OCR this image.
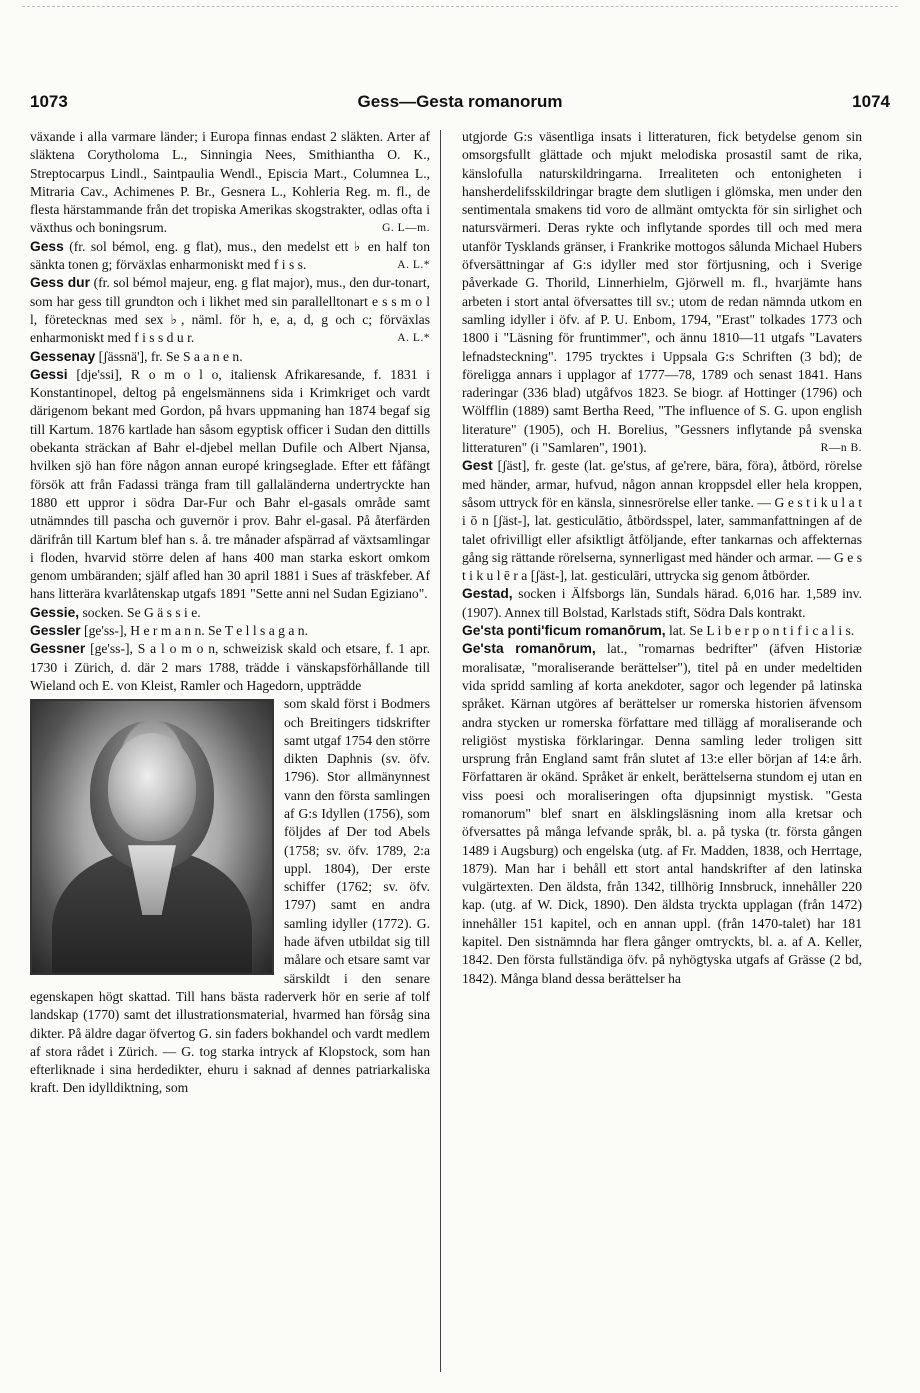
1073	Gess—Gesta romanorum	1074

växande i alla varmare länder; i Europa finnas endast 2 släkten. Arter af släktena Corytholoma L., Sinningia Nees, Smithiantha O. K., Streptocarpus Lindl., Saintpaulia Wendl., Episcia Mart., Columnea L., Mitraria Cav., Achimenes P. Br., Gesnera L., Kohleria Reg. m. fl., de flesta härstammande från det tropiska Amerikas skogstrakter, odlas ofta i växthus och boningsrum.	G. L—m.

Gess (fr. sol bémol, eng. g flat), mus., den medelst ett ♭ en half ton sänkta tonen g; förväxlas enharmoniskt med f i s s.	A. L.*

Gess dur (fr. sol bémol majeur, eng. g flat major), mus., den dur-tonart, som har gess till grundton och i likhet med sin parallelltonart e s s m o l l, företecknas med sex ♭, näml. för h, e, a, d, g och c; förväxlas enharmoniskt med f i s s d u r.	A. L.*

Gessenay [ʃässnä'], fr. Se S a a n e n.

Gessi [dje'ssi], R o m o l o, italiensk Afrikaresande, f. 1831 i Konstantinopel, deltog på engelsmännens sida i Krimkriget och vardt därigenom bekant med Gordon, på hvars uppmaning han 1874 begaf sig till Kartum. 1876 kartlade han såsom egyptisk officer i Sudan den dittills obekanta sträckan af Bahr el-djebel mellan Dufile och Albert Njansa, hvilken sjö han före någon annan europé kringseglade. Efter ett fåfängt försök att från Fadassi tränga fram till gallaländerna undertryckte han 1880 ett uppror i södra Dar-Fur och Bahr el-gasals område samt utnämndes till pascha och guvernör i prov. Bahr el-gasal. På återfärden därifrån till Kartum blef han s. å. tre månader afspärrad af växtsamlingar i floden, hvarvid större delen af hans 400 man starka eskort omkom genom umbäranden; själf afled han 30 april 1881 i Sues af träskfeber. Af hans litterära kvarlåtenskap utgafs 1891 "Sette anni nel Sudan Egiziano".

Gessie, socken. Se G ä s s i e.

Gessler [ge'ss-], H e r m a n n. Se T e l l s a g a n.

Gessner [ge'ss-], S a l o m o n, schweizisk skald och etsare, f. 1 apr. 1730 i Zürich, d. där 2 mars 1788, trädde i vänskapsförhållande till Wieland och E. von Kleist, Ramler och Hagedorn, uppträdde

som skald först i Bodmers och Breitingers tidskrifter samt utgaf 1754 den större dikten Daphnis (sv. öfv. 1796). Stor allmänynnest vann den första samlingen af G:s Idyllen (1756), som följdes af Der tod Abels (1758; sv. öfv. 1789, 2:a uppl. 1804), Der erste schiffer (1762; sv. öfv. 1797) samt en andra samling idyller (1772). G. hade äfven utbildat sig till målare och etsare samt var särskildt i den senare egenskapen högt skattad. Till hans bästa raderverk hör en serie af tolf landskap (1770) samt det illustrationsmaterial, hvarmed han försåg sina dikter. På äldre dagar öfvertog G. sin faders bokhandel och vardt medlem af stora rådet i Zürich. — G. tog starka intryck af Klopstock, som han efterliknade i sina herdedikter, ehuru i saknad af dennes patriarkaliska kraft. Den idylldiktning, som

utgjorde G:s väsentliga insats i litteraturen, fick betydelse genom sin omsorgsfullt glättade och mjukt melodiska prosastil samt de rika, känslofulla naturskildringarna. Irrealiteten och entonigheten i hansherdelifsskildringar bragte dem slutligen i glömska, men under den sentimentala smakens tid voro de allmänt omtyckta för sin sirlighet och natursvärmeri. Deras rykte och inflytande spordes till och med mera utanför Tysklands gränser, i Frankrike mottogos sålunda Michael Hubers öfversättningar af G:s idyller med stor förtjusning, och i Sverige påverkade G. Thorild, Linnerhielm, Gjörwell m. fl., hvarjämte hans arbeten i stort antal öfversattes till sv.; utom de redan nämnda utkom en samling idyller i öfv. af P. U. Enbom, 1794, "Erast" tolkades 1773 och 1800 i "Läsning för fruntimmer", och ännu 1810—11 utgafs "Lavaters lefnadsteckning". 1795 trycktes i Uppsala G:s Schriften (3 bd); de föreligga annars i upplagor af 1777—78, 1789 och senast 1841. Hans raderingar (336 blad) utgåfvos 1823. Se biogr. af Hottinger (1796) och Wölfflin (1889) samt Bertha Reed, "The influence of S. G. upon english literature" (1905), och H. Borelius, "Gessners inflytande på svenska litteraturen" (i "Samlaren", 1901).	R—n B.

Gest [ʃäst], fr. geste (lat. ge'stus, af ge'rere, bära, föra), åtbörd, rörelse med händer, armar, hufvud, någon annan kroppsdel eller hela kroppen, såsom uttryck för en känsla, sinnesrörelse eller tanke. — G e s t i k u l a t i ō n [ʃäst-], lat. gesticulātio, åtbördsspel, later, sammanfattningen af de talet ofrivilligt eller afsiktligt åtföljande, efter tankarnas och affekternas gång sig rättande rörelserna, synnerligast med händer och armar. — G e s t i k u l ē r a [ʃäst-], lat. gesticulāri, uttrycka sig genom åtbörder.

Gestad, socken i Älfsborgs län, Sundals härad. 6,016 har. 1,589 inv. (1907). Annex till Bolstad, Karlstads stift, Södra Dals kontrakt.

Ge'sta ponti'ficum romanōrum, lat. Se L i b e r p o n t i f i c a l i s.

Ge'sta romanōrum, lat., "romarnas bedrifter" (äfven Historiæ moralisatæ, "moraliserande berättelser"), titel på en under medeltiden vida spridd samling af korta anekdoter, sagor och legender på latinska språket. Kärnan utgöres af berättelser ur romerska historien äfvensom andra stycken ur romerska författare med tillägg af moraliserande och religiöst mystiska förklaringar. Denna samling leder troligen sitt ursprung från England samt från slutet af 13:e eller början af 14:e årh. Författaren är okänd. Språket är enkelt, berättelserna stundom ej utan en viss poesi och moraliseringen ofta djupsinnigt mystisk. "Gesta romanorum" blef snart en älsklingsläsning inom alla kretsar och öfversattes på många lefvande språk, bl. a. på tyska (tr. första gången 1489 i Augsburg) och engelska (utg. af Fr. Madden, 1838, och Herrtage, 1879). Man har i behåll ett stort antal handskrifter af den latinska vulgärtexten. Den äldsta, från 1342, tillhörig Innsbruck, innehåller 220 kap. (utg. af W. Dick, 1890). Den äldsta tryckta upplagan (från 1472) innehåller 151 kapitel, och en annan uppl. (från 1470-talet) har 181 kapitel. Den sistnämnda har flera gånger omtryckts, bl. a. af A. Keller, 1842. Den första fullständiga öfv. på nyhögtyska utgafs af Grässe (2 bd, 1842). Många bland dessa berättelser ha
